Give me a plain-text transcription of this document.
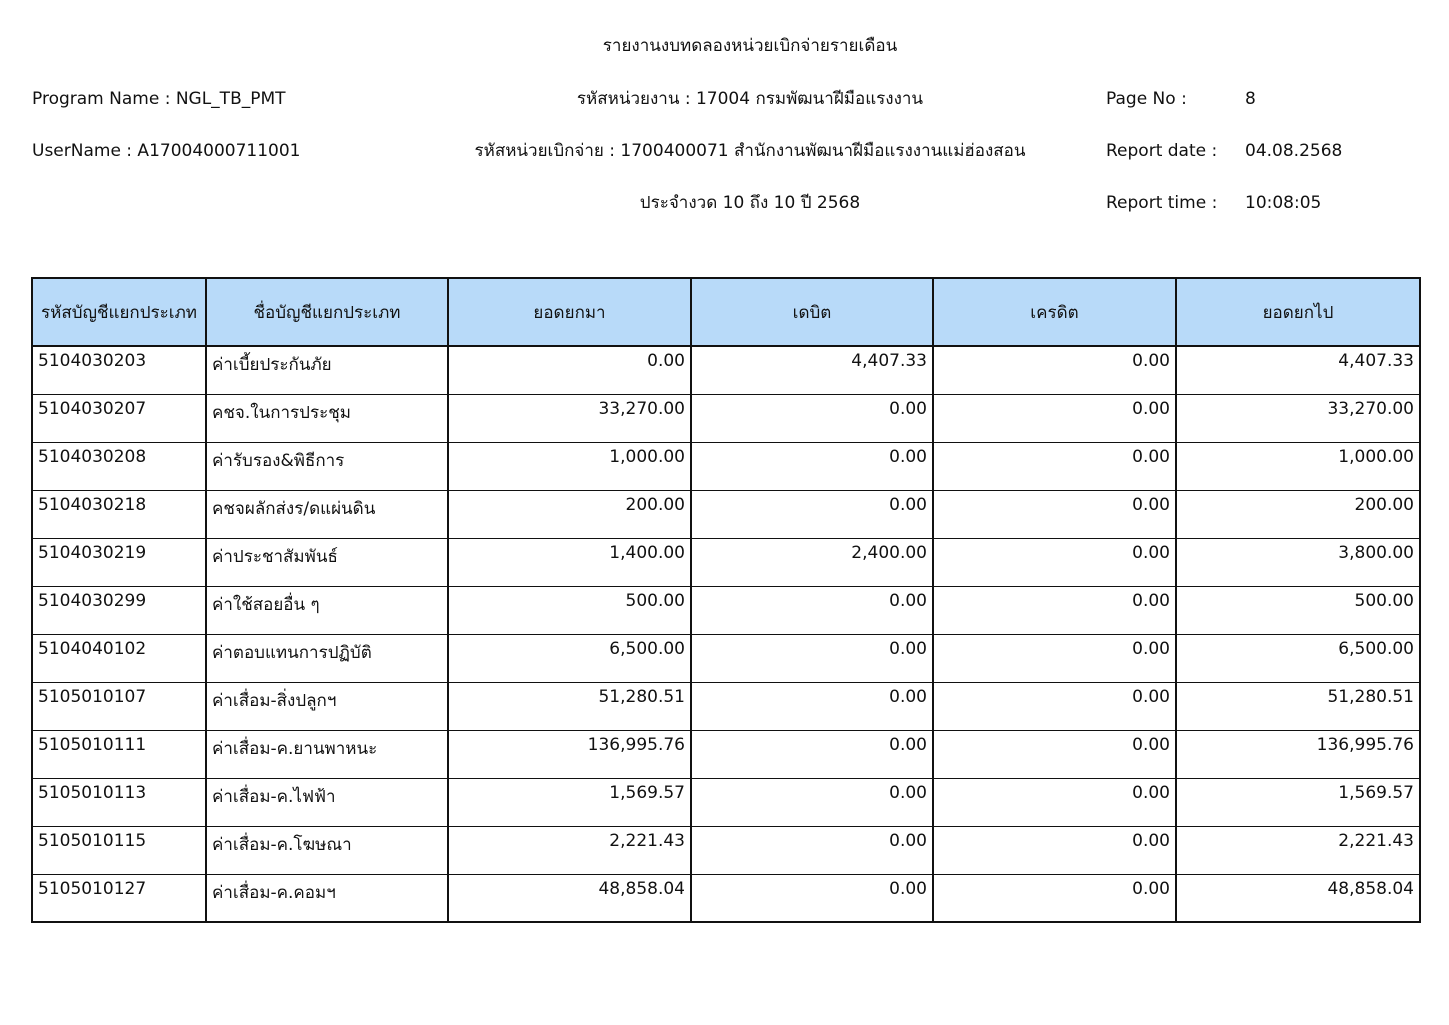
รายงานงบทดลองหน่วยเบิกจ่ายรายเดือน
Program Name : NGL_TB_PMT
UserName : A17004000711001
รหัสหน่วยงาน : 17004 กรมพัฒนาฝีมือแรงงาน
รหัสหน่วยเบิกจ่าย : 1700400071 สำนักงานพัฒนาฝีมือแรงงานแม่ฮ่องสอน
ประจำงวด 10 ถึง 10 ปี 2568
Page No :	8
Report date : 04.08.2568
Report time : 10:08:05
รหัสบัญชีแยกประเภท	ชื่อบัญชีแยกประเภท	ยอดยกมา	เดบิต	เครดิต	ยอดยกไป
5104030203	ค่าเบี้ยประกันภัย	0.00	4,407.33	0.00	4,407.33
5104030207	คชจ.ในการประชุม	33,270.00	0.00	0.00	33,270.00
5104030208	ค่ารับรอง&พิธีการ	1,000.00	0.00	0.00	1,000.00
5104030218	คชจผลักส่งร/ดแผ่นดิน	200.00	0.00	0.00	200.00
5104030219	ค่าประชาสัมพันธ์	1,400.00	2,400.00	0.00	3,800.00
5104030299	ค่าใช้สอยอื่น ๆ	500.00	0.00	0.00	500.00
5104040102	ค่าตอบแทนการปฏิบัติ	6,500.00	0.00	0.00	6,500.00
5105010107	ค่าเสื่อม-สิ่งปลูกฯ	51,280.51	0.00	0.00	51,280.51
5105010111	ค่าเสื่อม-ค.ยานพาหนะ	136,995.76	0.00	0.00	136,995.76
5105010113	ค่าเสื่อม-ค.ไฟฟ้า	1,569.57	0.00	0.00	1,569.57
5105010115	ค่าเสื่อม-ค.โฆษณา	2,221.43	0.00	0.00	2,221.43
5105010127	ค่าเสื่อม-ค.คอมฯ	48,858.04	0.00	0.00	48,858.04
